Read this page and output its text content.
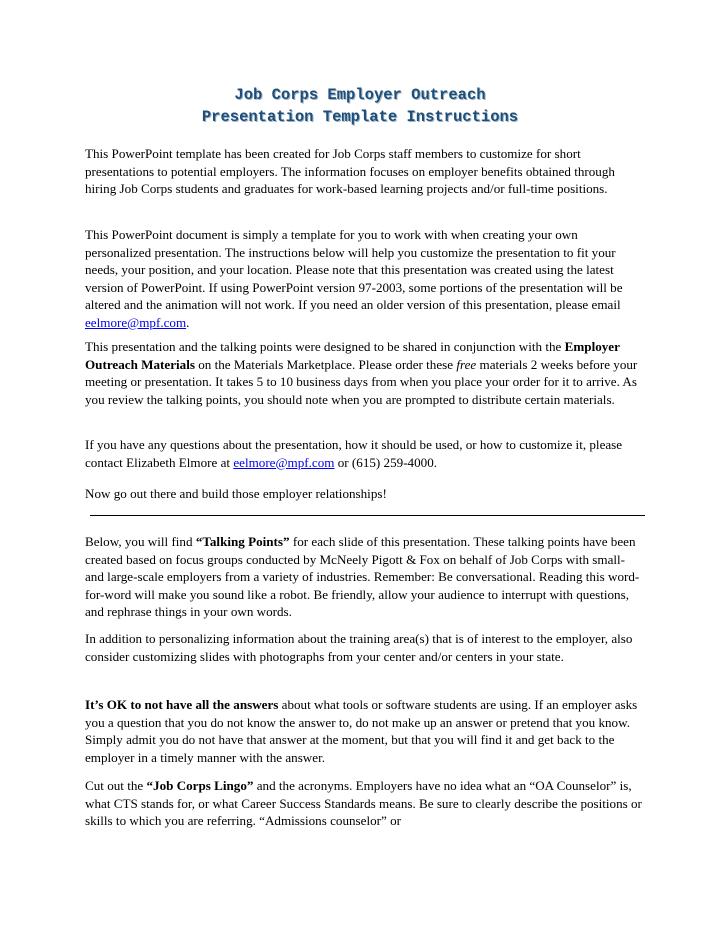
Job Corps Employer Outreach
Presentation Template Instructions

This PowerPoint template has been created for Job Corps staff members to customize for short presentations to potential employers. The information focuses on employer benefits obtained through hiring Job Corps students and graduates for work-based learning projects and/or full-time positions.

This PowerPoint document is simply a template for you to work with when creating your own personalized presentation. The instructions below will help you customize the presentation to fit your needs, your position, and your location. Please note that this presentation was created using the latest version of PowerPoint. If using PowerPoint version 97-2003, some portions of the presentation will be altered and the animation will not work. If you need an older version of this presentation, please email eelmore@mpf.com.

This presentation and the talking points were designed to be shared in conjunction with the Employer Outreach Materials on the Materials Marketplace. Please order these free materials 2 weeks before your meeting or presentation. It takes 5 to 10 business days from when you place your order for it to arrive. As you review the talking points, you should note when you are prompted to distribute certain materials.

If you have any questions about the presentation, how it should be used, or how to customize it, please contact Elizabeth Elmore at eelmore@mpf.com or (615) 259-4000.

Now go out there and build those employer relationships!

Below, you will find “Talking Points” for each slide of this presentation. These talking points have been created based on focus groups conducted by McNeely Pigott & Fox on behalf of Job Corps with small- and large-scale employers from a variety of industries. Remember: Be conversational. Reading this word-for-word will make you sound like a robot. Be friendly, allow your audience to interrupt with questions, and rephrase things in your own words.

In addition to personalizing information about the training area(s) that is of interest to the employer, also consider customizing slides with photographs from your center and/or centers in your state.

It’s OK to not have all the answers about what tools or software students are using. If an employer asks you a question that you do not know the answer to, do not make up an answer or pretend that you know. Simply admit you do not have that answer at the moment, but that you will find it and get back to the employer in a timely manner with the answer.

Cut out the “Job Corps Lingo” and the acronyms. Employers have no idea what an “OA Counselor” is, what CTS stands for, or what Career Success Standards means. Be sure to clearly describe the positions or skills to which you are referring. “Admissions counselor” or
